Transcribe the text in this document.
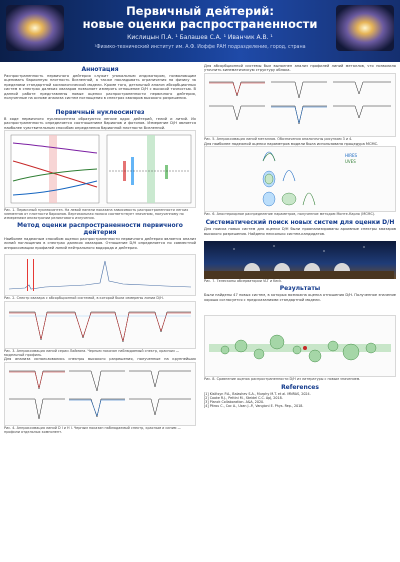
Первичный дейтерий:
новые оценки распространенности
Кислицын П.А. ¹ Балашев С.А. ¹ Иванчик А.В. ¹
¹Физико-технический институт им. А.Ф. Иоффе РАН подразделение, город, страна
Аннотация
Распространенность первичного дейтерия служит уникальным индикатором, позволяющим оценивать барионную плотность Вселенной, а также накладывать ограничения на физику за пределами стандартной космологической модели. Кроме того, детальный анализ абсорбционных систем в спектрах далеких квазаров позволяет измерять отношение D/H с высокой точностью. В данной работе представлены новые оценки распространенности первичного дейтерия, полученные на основе анализа систем поглощения в спектрах квазаров высокого разрешения.
Первичный нуклеосинтез
В ходе первичного нуклеосинтеза образуются легкие ядра: дейтерий, гелий и литий. Их распространенность определяется соотношением барионов и фотонов. Измерение D/H является наиболее чувствительным способом определения барионной плотности Вселенной.
Рис. 1. Первичный нуклеосинтез. На левой панели показана зависимость распространенности легких элементов от плотности барионов. Вертикальная полоса соответствует значению, полученному по измерениям анизотропии реликтового излучения.
Метод оценки распространенности первичного дейтерия
Наиболее надежным способом оценки распространенности первичного дейтерия является анализ линий поглощения в спектрах далеких квазаров. Отношение D/H определяется по совместной аппроксимации профилей линий нейтрального водорода и дейтерия.
Рис. 2. Спектр квазара с абсорбционной системой, в которой были измерены линии D/H.
Рис. 3. Аппроксимация линий серии Лаймана. Черным показан наблюдаемый спектр, красным — модельный профиль.
Для анализа использовались спектры высокого разрешения, полученные на крупнейших
Рис. 4. Аппроксимация линий D I и H I. Черным показан наблюдаемый спектр, красным и синим — профили отдельных компонент.
Для абсорбционной системы был выполнен анализ профилей линий металлов, что позволило уточнить кинематическую структуру облака.
Рис. 5. Аппроксимация линий металлов. Обозначения аналогичны рисункам 3 и 4.
Для наиболее надежной оценки параметров модели была использована процедура MCMC.
HIRES
UVES
Рис. 6. Апостериорное распределение параметров, полученное методом Монте-Карло (MCMC).
Систематический поиск новых систем для оценки D/H
Для поиска новых систем для оценки D/H были проанализированы архивные спектры квазаров высокого разрешения. Найдено несколько систем-кандидатов.
Рис. 7. Телескопы обсерватории VLT и Keck.
Результаты
Были найдены 47 новых систем, в которых возможна оценка отношения D/H. Полученное значение хорошо согласуется с предсказаниями стандартной модели.
Рис. 8. Сравнение оценок распространенности D/H из литературы с новым значением.
References
[1] Kislitsyn P.A., Balashev S.A., Murphy M.T. et al. MNRAS, 2024.
[2] Cooke R.J., Pettini M., Steidel C.C. ApJ, 2018.
[3] Planck Collaboration. A&A, 2020.
[4] Pitrou C., Coc A., Uzan J.-P., Vangioni E. Phys. Rep., 2018.
